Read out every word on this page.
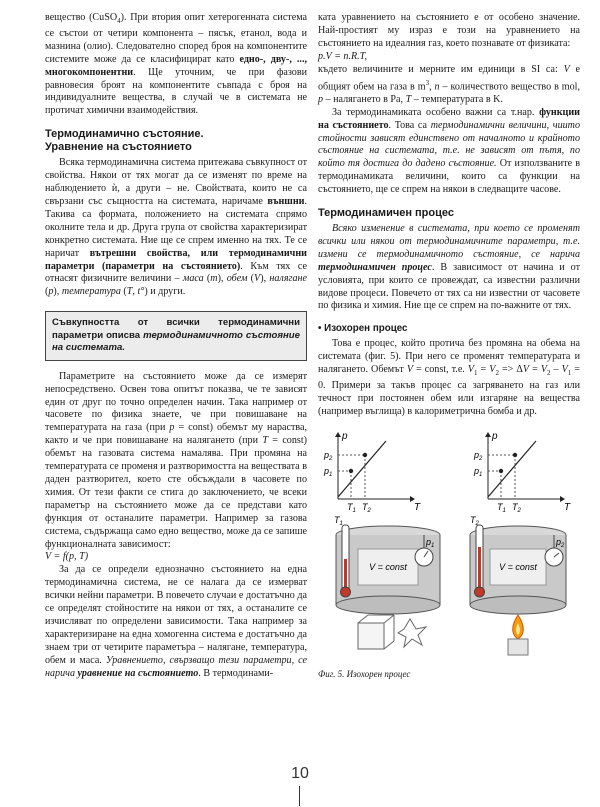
вещество (CuSO$_4$). При втория опит хетерогенната система се състои от четири компонента – пясък, етанол, вода и мазнина (олио). Следователно според броя на компонентите системите може да се класифицират като едно-, дву-, ..., многокомпонентни. Ще уточним, че при фазови равновесия броят на компонентите съвпада с броя на индивидуалните вещества, в случай че в системата не протичат химични взаимодействия.

Термодинамично състояние.
Уравнение на състоянието

Всяка термодинамична система притежава съвкупност от свойства. Някои от тях могат да се изменят по време на наблюдението ѝ, а други – не. Свойствата, които не са свързани със същността на системата, наричаме външни. Такива са формата, положението на системата спрямо околните тела и др. Друга група от свойства характеризират конкретно системата. Ние ще се спрем именно на тях. Те се наричат вътрешни свойства, или термодинамични параметри (параметри на състоянието). Към тях се отнасят физичните величини – маса (m), обем (V), налягане (p), температура (T, t°) и други.

Съвкупността от всички термодинамични параметри описва термодинамичното състояние на системата.

Параметрите на състоянието може да се измерят непосредствено. Освен това опитът показва, че те зависят един от друг по точно определен начин. Така например от часовете по физика знаете, че при повишаване на температурата на газа (при p = const) обемът му нараства, както и че при повишаване на налягането (при T = const) обемът на газовата система намалява. При промяна на температурата се променя и разтворимостта на веществата в даден разтворител, което сте обсъждали в часовете по химия. От тези факти се стига до заключението, че всеки параметър на състоянието може да се представи като функция от останалите параметри. Например за газова система, съдържаща само едно вещество, може да се запише функционалната зависимост:

V = f(p, T)

За да се определи еднозначно състоянието на една термодинамична система, не се налага да се измерват всички нейни параметри. В повечето случаи е достатъчно да се определят стойностите на някои от тях, а останалите се изчисляват по определени зависимости. Така например за характеризиране на една хомогенна система е достатъчно да знаем три от четирите параметъра – налягане, температура, обем и маса. Уравнението, свързващо тези параметри, се нарича уравнение на състоянието. В термодинами-

ката уравнението на състоянието е от особено значение. Най-простият му израз е този на уравнението на състоянието на идеалния газ, което познавате от физиката:

p.V = n.R.T,

където величините и мерните им единици в SI са: V е общият обем на газа в $m^3$, n – количеството вещество в mol, p – налягането в Pa, T – температурата в K.

За термодинамиката особено важни са т.нар. функции на състоянието. Това са термодинамични величини, чиито стойности зависят единствено от началното и крайното състояние на системата, т.е. не зависят от пътя, по който тя достига до дадено състояние. От използваните в термодинамиката величини, които са функции на състоянието, ще се спрем на някои в следващите часове.

Термодинамичен процес

Всяко изменение в системата, при което се променят всички или някои от термодинамичните параметри, т.е. измени се термодинамичното състояние, се нарича термодинамичен процес. В зависимост от начина и от условията, при които се провеждат, са известни различни видове процеси. Повечето от тях са ни известни от часовете по физика и химия. Ние ще се спрем на по-важните от тях.

• Изохорен процес

Това е процес, който протича без промяна на обема на системата (фиг. 5). При него се променят температурата и налягането. Обемът V = const, т.е. $V_1 = V_2 => \Delta V = V_2 - V_1 = 0$. Примери за такъв процес са загряването на газ или течност при постоянен обем или изгаряне на вещества (например въглища) в калориметрична бомба и др.

p
T
$p_1$
$p_2$
$T_1$ $T_2$
p
T
$p_1$
$p_2$
$T_1$ $T_2$
V = const
$T_1$
$p_1$
V = const
$T_2$
$p_2$
Фиг. 5. Изохорен процес
10
